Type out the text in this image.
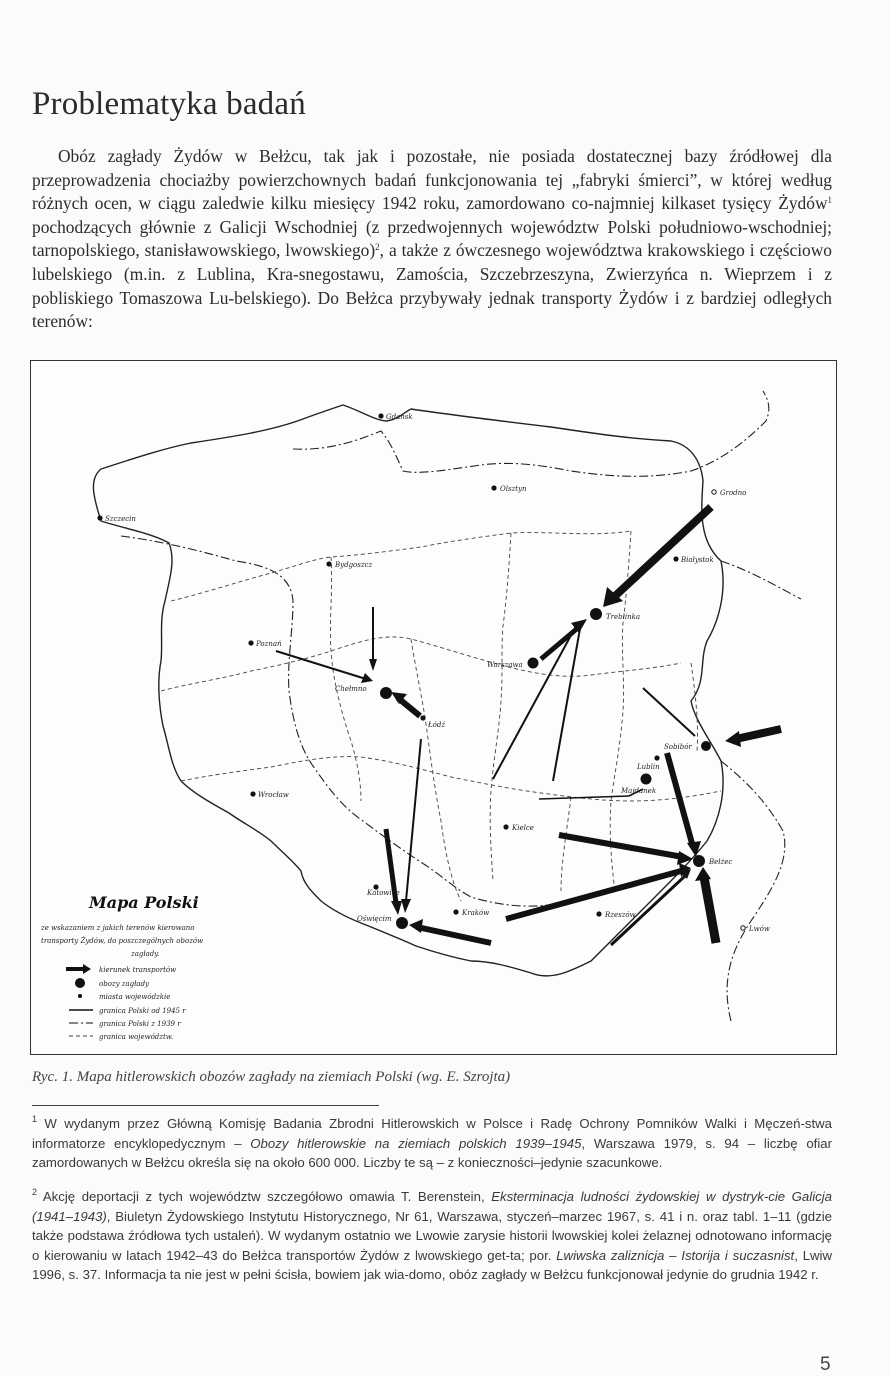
Problematyka badań

Obóz zagłady Żydów w Bełżcu, tak jak i pozostałe, nie posiada dostatecznej bazy źródłowej dla przeprowadzenia chociażby powierzchownych badań funkcjonowania tej „fabryki śmierci”, w której według różnych ocen, w ciągu zaledwie kilku miesięcy 1942 roku, zamordowano co-najmniej kilkaset tysięcy Żydów$^1$ pochodzących głównie z Galicji Wschodniej (z przedwojennych województw Polski południowo-wschodniej; tarnopolskiego, stanisławowskiego, lwowskiego)$^2$, a także z ówczesnego województwa krakowskiego i częściowo lubelskiego (m.in. z Lublina, Kra-snegostawu, Zamościa, Szczebrzeszyna, Zwierzyńca n. Wieprzem i z pobliskiego Tomaszowa Lu-belskiego). Do Bełżca przybywały jednak transporty Żydów i z bardziej odległych terenów:

Gdańsk
Szczecin
Olsztyn	Grodno
Bydgoszcz
Białystok
Poznań
Treblinka
Warszawa
Chełmno
Łódź
Sobibór
Wrocław
Lublin
Majdanek
Kielce
Bełżec
Katowice
Kraków	Rzeszów
Lwów
Oświęcim
Mapa Polski
ze wskazaniem z jakich terenów kierowano
transporty Żydów, do poszczególnych obozów
zagłady.
kierunek transportów
obozy zagłady
miasta wojewódzkie
granica Polski od 1945 r
granica Polski z 1939 r
granica województw.

Ryc. 1. Mapa hitlerowskich obozów zagłady na ziemiach Polski (wg. E. Szrojta)

$^1$ W wydanym przez Główną Komisję Badania Zbrodni Hitlerowskich w Polsce i Radę Ochrony Pomników Walki i Męczeń-stwa informatorze encyklopedycznym – Obozy hitlerowskie na ziemiach polskich 1939–1945, Warszawa 1979, s. 94 – liczbę ofiar zamordowanych w Bełżcu określa się na około 600 000. Liczby te są – z konieczności–jedynie szacunkowe.

$^2$ Akcję deportacji z tych województw szczegółowo omawia T. Berenstein, Eksterminacja ludności żydowskiej w dystryk-cie Galicja (1941–1943), Biuletyn Żydowskiego Instytutu Historycznego, Nr 61, Warszawa, styczeń–marzec 1967, s. 41 i n. oraz tabl. 1–11 (gdzie także podstawa źródłowa tych ustaleń). W wydanym ostatnio we Lwowie zarysie historii lwowskiej kolei żelaznej odnotowano informację o kierowaniu w latach 1942–43 do Bełżca transportów Żydów z lwowskiego get-ta; por. Lwiwska zaliznicja – Istorija i suczasnist, Lwiw 1996, s. 37. Informacja ta nie jest w pełni ścisła, bowiem jak wia-domo, obóz zagłady w Bełżcu funkcjonował jedynie do grudnia 1942 r.

5
